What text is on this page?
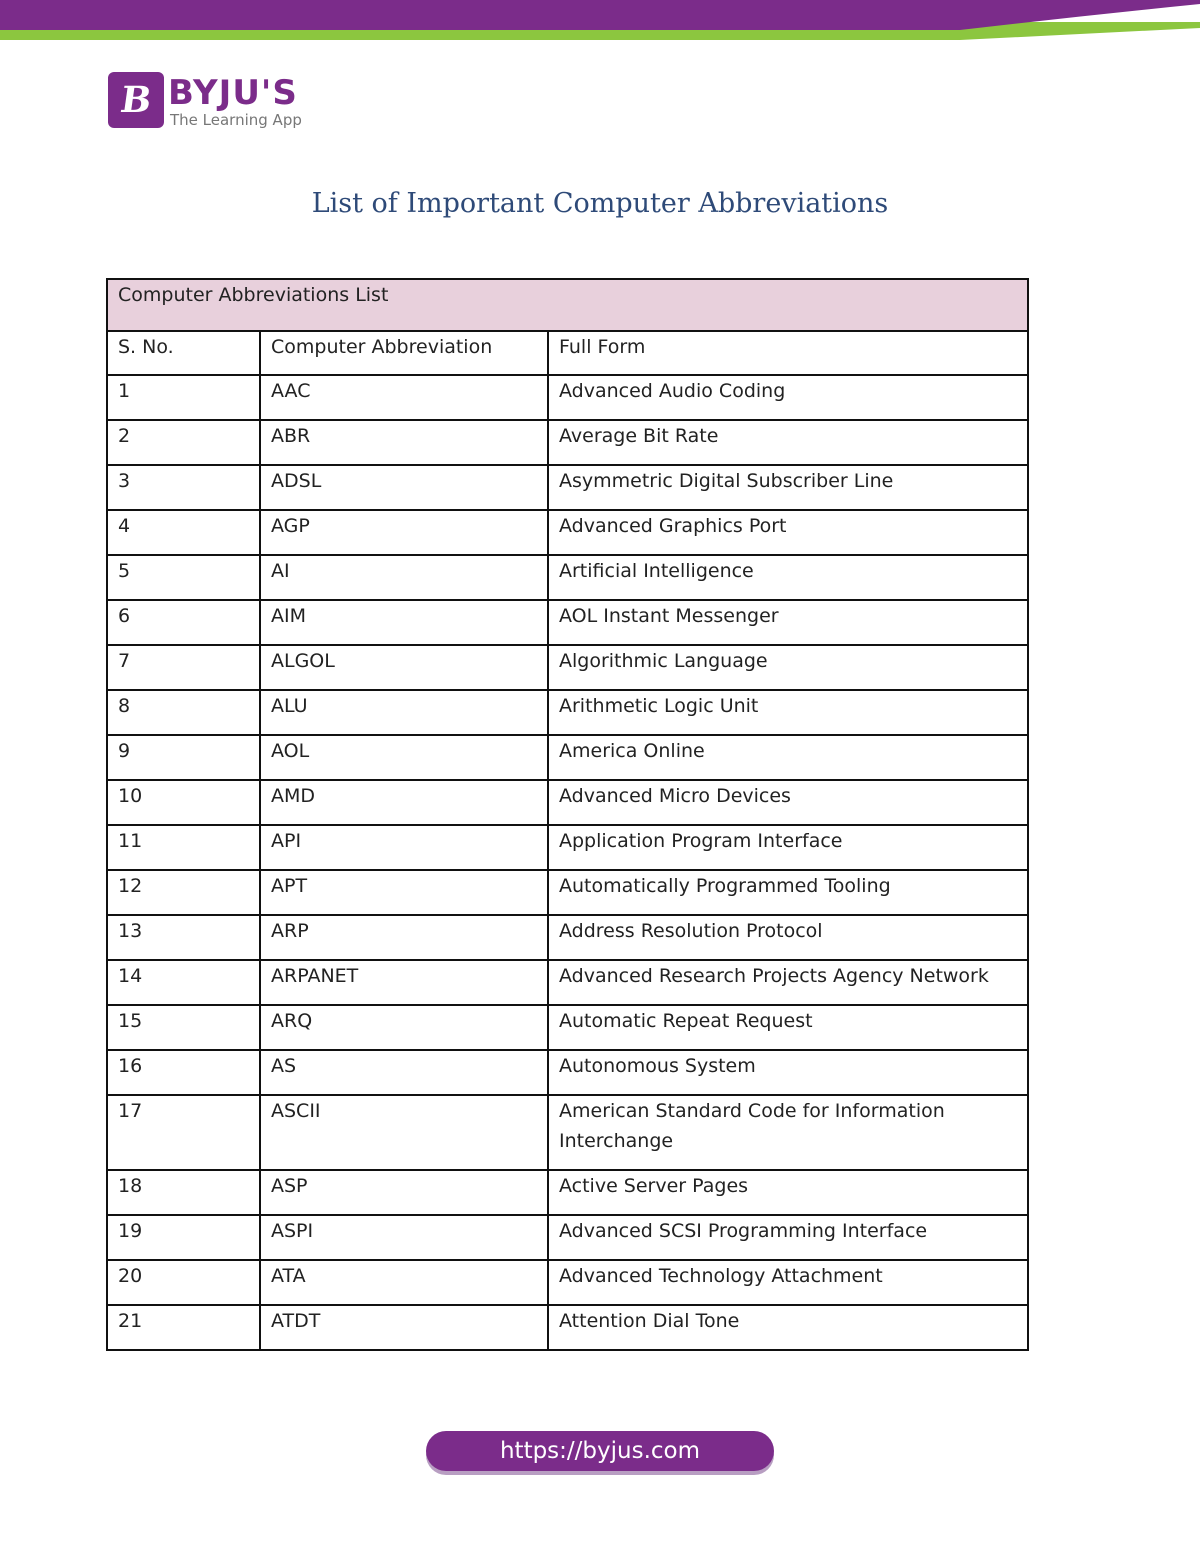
B BYJU'S
The Learning App
List of Important Computer Abbreviations
Computer Abbreviations List		
S. No.	Computer Abbreviation	Full Form
1	AAC	Advanced Audio Coding
2	ABR	Average Bit Rate
3	ADSL	Asymmetric Digital Subscriber Line
4	AGP	Advanced Graphics Port
5	AI	Artificial Intelligence
6	AIM	AOL Instant Messenger
7	ALGOL	Algorithmic Language
8	ALU	Arithmetic Logic Unit
9	AOL	America Online
10	AMD	Advanced Micro Devices
11	API	Application Program Interface
12	APT	Automatically Programmed Tooling
13	ARP	Address Resolution Protocol
14	ARPANET	Advanced Research Projects Agency Network
15	ARQ	Automatic Repeat Request
16	AS	Autonomous System
17	ASCII	American Standard Code for Information Interchange
18	ASP	Active Server Pages
19	ASPI	Advanced SCSI Programming Interface
20	ATA	Advanced Technology Attachment
21	ATDT	Attention Dial Tone
https://byjus.com
